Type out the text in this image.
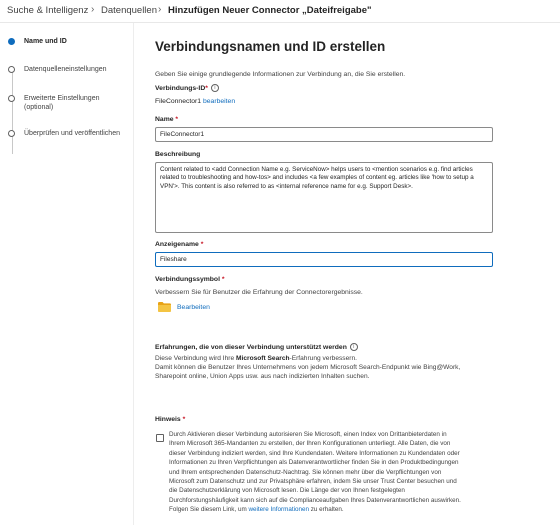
Suche & Intelligenz › Datenquellen › Hinzufügen Neuer Connector „Dateifreigabe"
Name und ID
Datenquelleneinstellungen
Erweiterte Einstellungen (optional)
Überprüfen und veröffentlichen
Verbindungsnamen und ID erstellen
Geben Sie einige grundlegende Informationen zur Verbindung an, die Sie erstellen.
Verbindungs-ID* i
FileConnector1 bearbeiten
Name *
FileConnector1
Beschreibung
Content related to <add Connection Name e.g. ServiceNow> helps users to <mention scenarios e.g. find articles related to troubleshooting and how-tos> and includes <a few examples of content eg. articles like 'how to setup a VPN'>. This content is also referred to as <internal reference name for e.g. Support Desk>.
Anzeigename *
Fileshare
Verbindungssymbol *
Verbessern Sie für Benutzer die Erfahrung der Connectorergebnisse.
Bearbeiten
Erfahrungen, die von dieser Verbindung unterstützt werden i
Diese Verbindung wird Ihre Microsoft Search-Erfahrung verbessern.
Damit können die Benutzer Ihres Unternehmens von jedem Microsoft Search-Endpunkt wie Bing@Work,
Sharepoint online, Union Apps usw. aus nach indizierten Inhalten suchen.
Hinweis *
Durch Aktivieren dieser Verbindung autorisieren Sie Microsoft, einen Index von Drittanbieterdaten in Ihrem Microsoft 365-Mandanten zu erstellen, der Ihren Konfigurationen unterliegt. Alle Daten, die von dieser Verbindung indiziert werden, sind Ihre Kundendaten. Weitere Informationen zu Kundendaten oder Informationen zu Ihren Verpflichtungen als Datenverantwortlicher finden Sie in den Produktbedingungen und Ihrem entsprechenden Datenschutz-Nachtrag. Sie können mehr über die Verpflichtungen von Microsoft zum Datenschutz und zur Privatsphäre erfahren, indem Sie unser Trust Center besuchen und die Datenschutzerklärung von Microsoft lesen. Die Länge der von Ihnen festgelegten Durchforstungshäufigkeit kann sich auf die Complianceaufgaben Ihres Datenverantwortlichen auswirken. Folgen Sie diesem Link, um weitere Informationen zu erhalten.
